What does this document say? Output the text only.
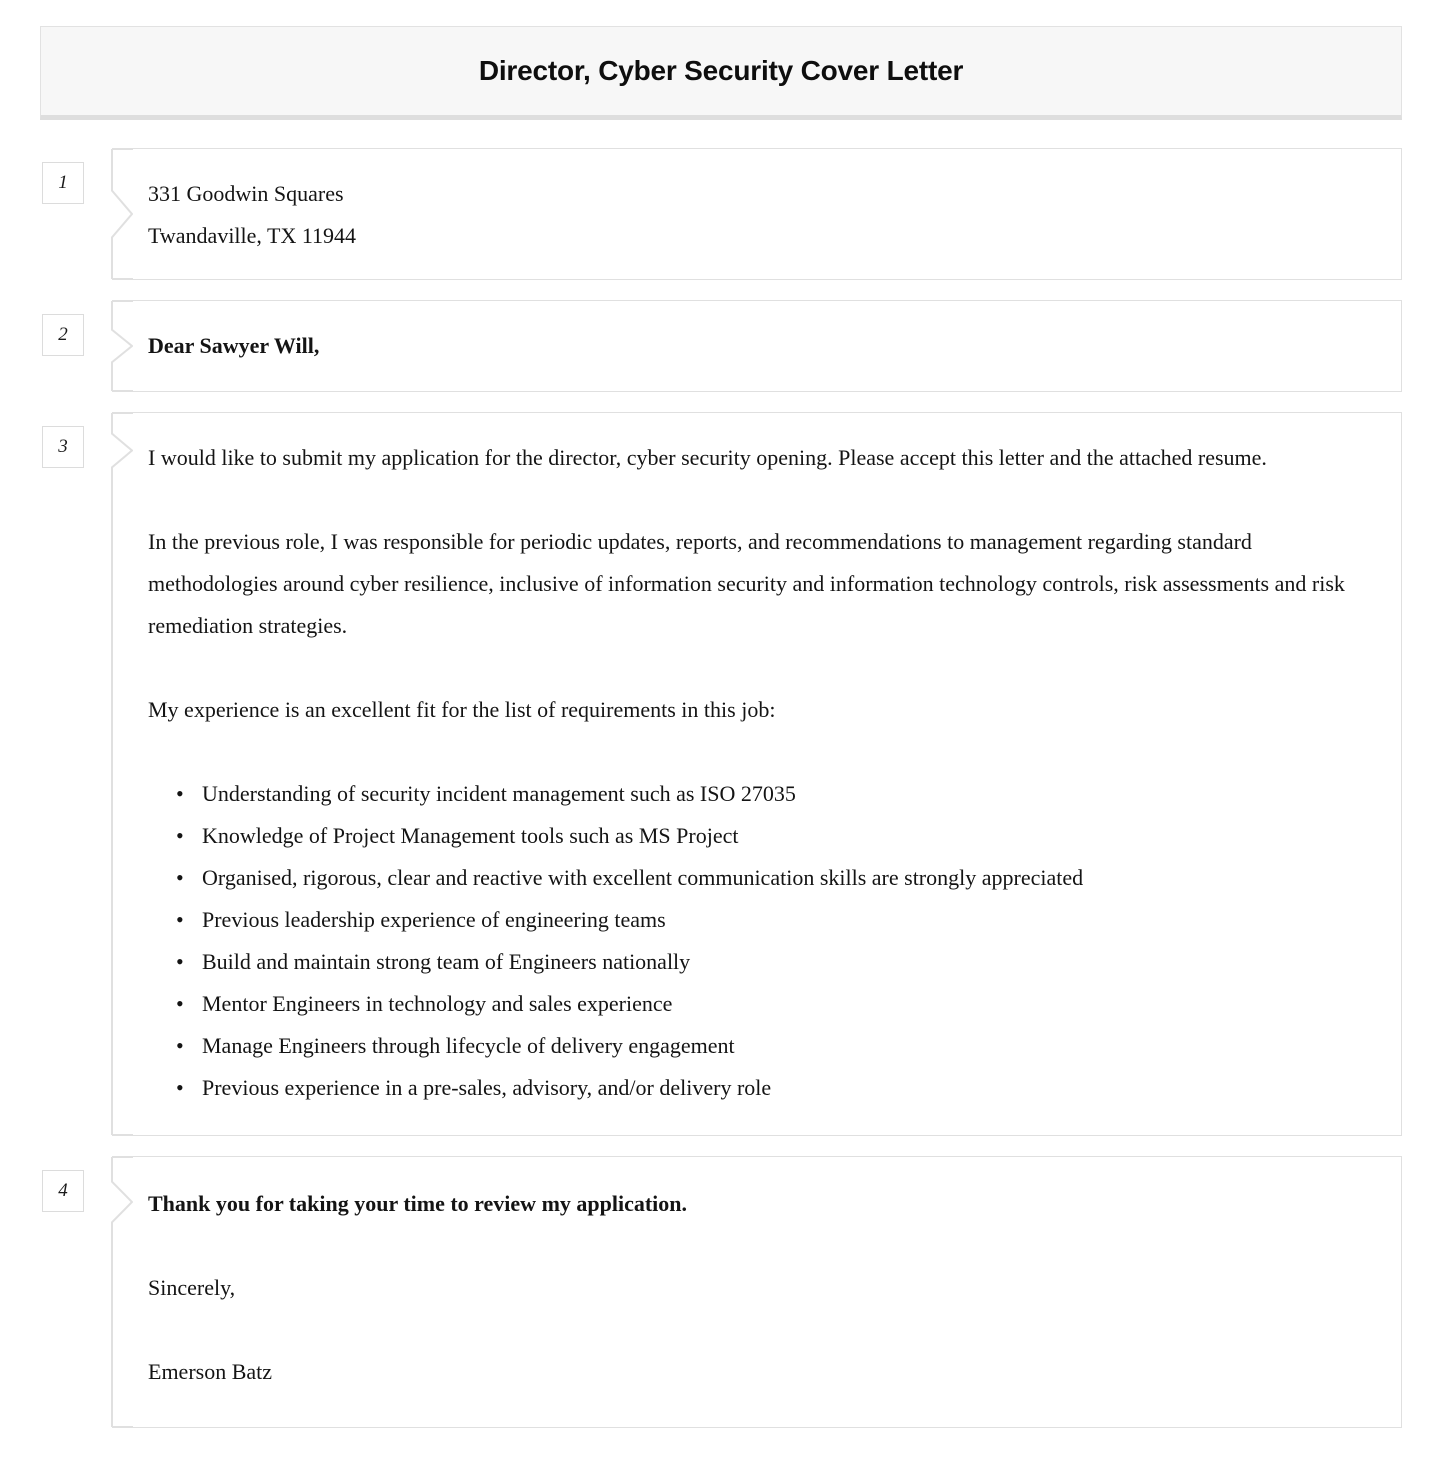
Director, Cyber Security Cover Letter
1	331 Goodwin Squares

Twandaville, TX 11944

2	Dear Sawyer Will,

3	I would like to submit my application for the director, cyber security opening. Please accept this letter and the attached resume.

In the previous role, I was responsible for periodic updates, reports, and recommendations to management regarding standard methodologies around cyber resilience, inclusive of information security and information technology controls, risk assessments and risk remediation strategies.

My experience is an excellent fit for the list of requirements in this job:

• Understanding of security incident management such as ISO 27035
• Knowledge of Project Management tools such as MS Project
• Organised, rigorous, clear and reactive with excellent communication skills are strongly appreciated
• Previous leadership experience of engineering teams
• Build and maintain strong team of Engineers nationally
• Mentor Engineers in technology and sales experience
• Manage Engineers through lifecycle of delivery engagement
• Previous experience in a pre-sales, advisory, and/or delivery role
4

Thank you for taking your time to review my application.

Sincerely,

Emerson Batz
